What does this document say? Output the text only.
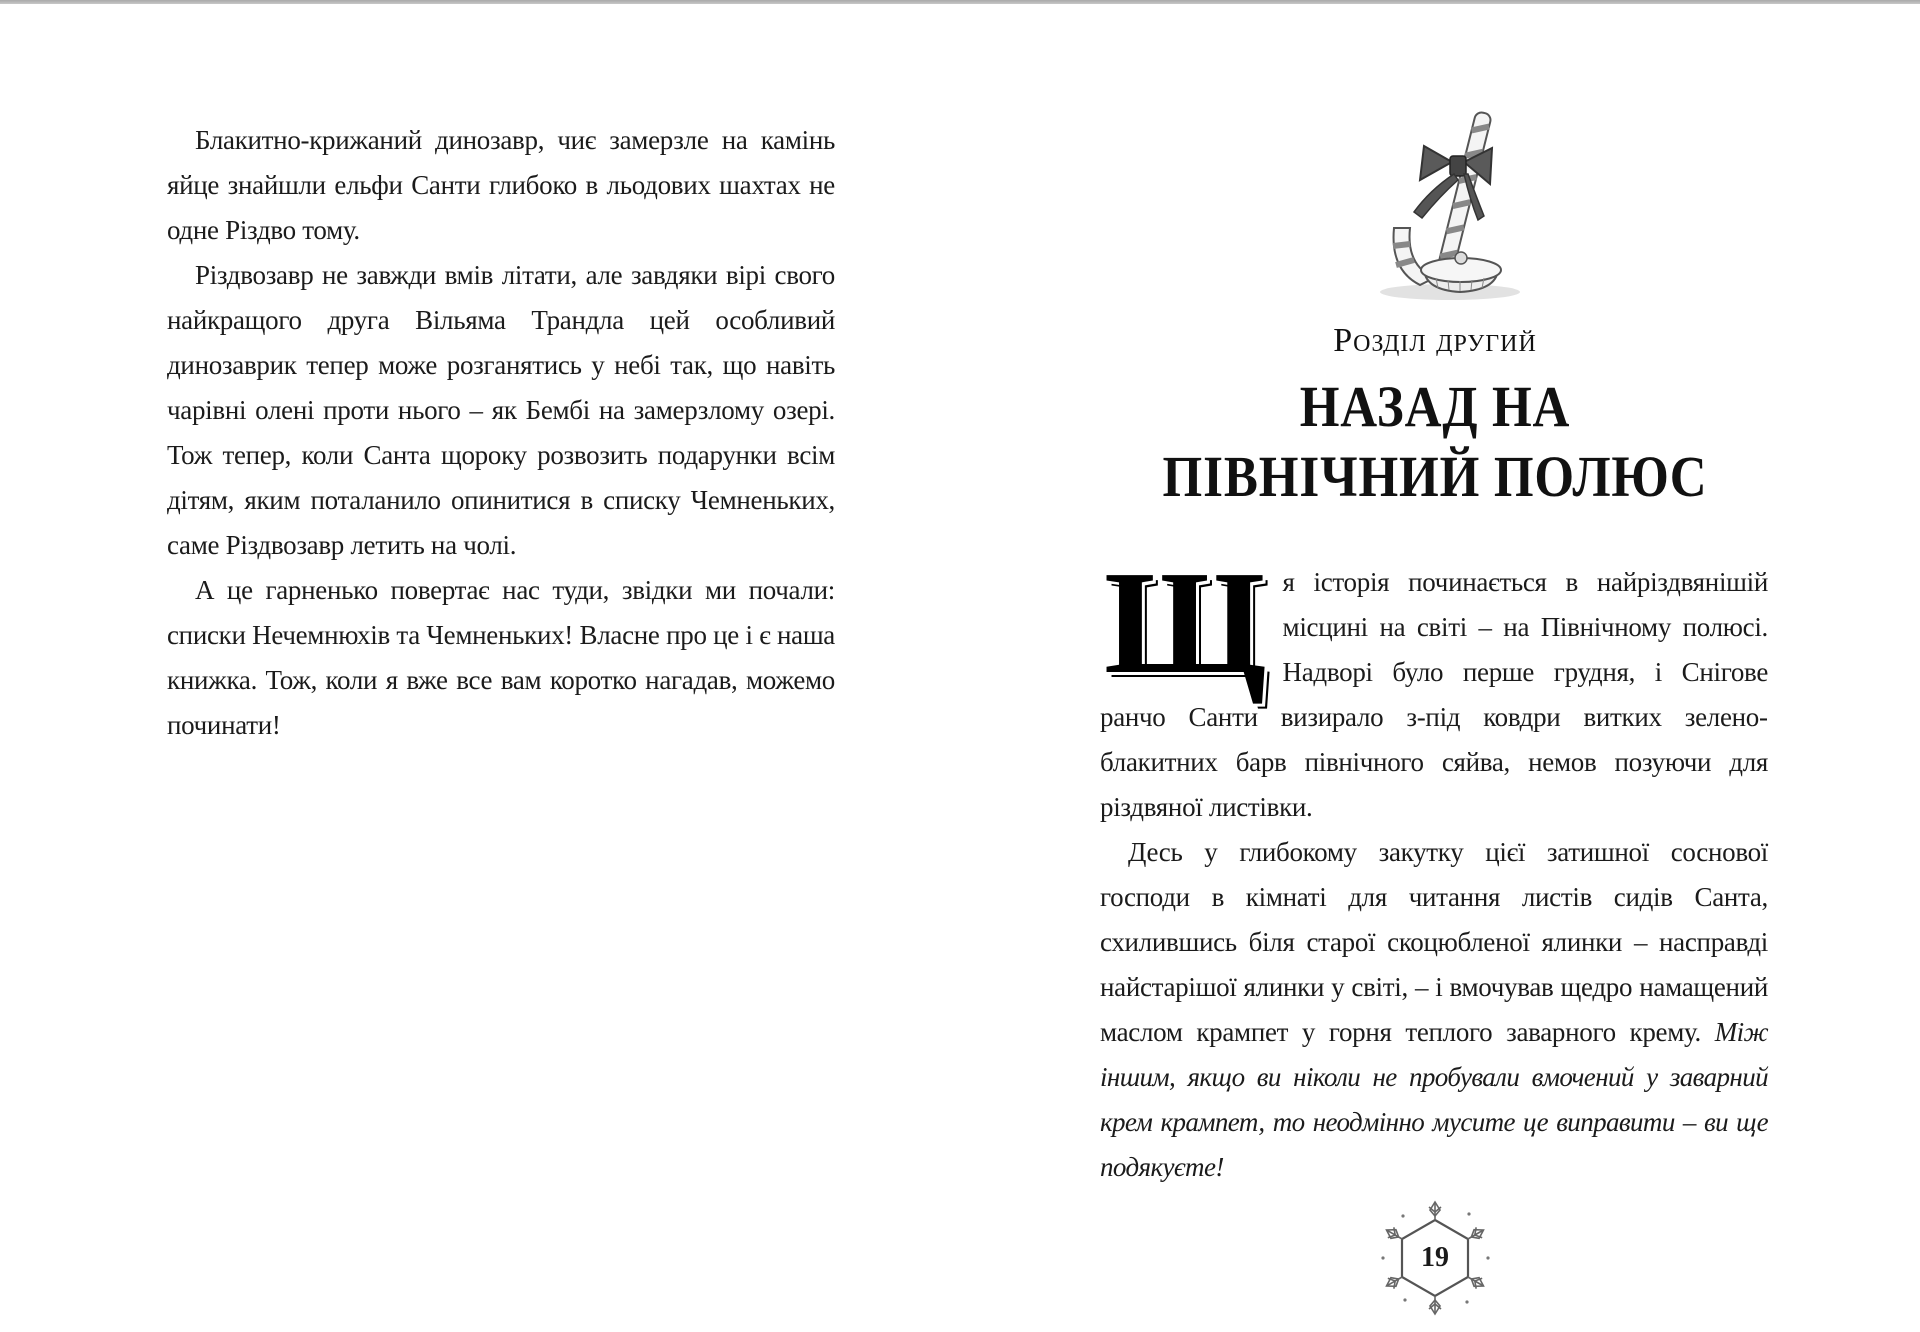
Блакитно-крижаний динозавр, чиє замерзле на камінь яйце знайшли ельфи Санти глибоко в льодових шахтах не одне Різдво тому.

Різдвозавр не завжди вмів літати, але завдяки вірі свого найкращого друга Вільяма Трандла цей особливий динозаврик тепер може розганятись у небі так, що навіть чарівні олені проти нього – як Бембі на замерзлому озері. Тож тепер, коли Санта щороку розвозить подарунки всім дітям, яким поталанило опинитися в списку Чемненьких, саме Різдвозавр летить на чолі.

А це гарненько повертає нас туди, звідки ми почали: списки Нечемнюхів та Чемненьких! Власне про це і є наша книжка. Тож, коли я вже все вам коротко нагадав, можемо починати!

Розділ другий
НАЗАД НА ПІВНІЧНИЙ ПОЛЮС

Щя історія починається в найріздвянішій місцині на світі – на Північному полюсі. Надворі було перше грудня, і Снігове ранчо Санти визирало з-під ковдри витких зеленоблакитних барв північного сяйва, немов позуючи для різдвяної листівки.

Десь у глибокому закутку цієї затишної соснової господи в кімнаті для читання листів сидів Санта, схилившись біля старої скоцюбленої ялинки – насправді найстарішої ялинки у світі, – і вмочував щедро намащений маслом крампет у горня теплого заварного крему. Між іншим, якщо ви ніколи не пробували вмочений у заварний крем крампет, то неодмінно мусите це виправити – ви ще подякуєте!

19
